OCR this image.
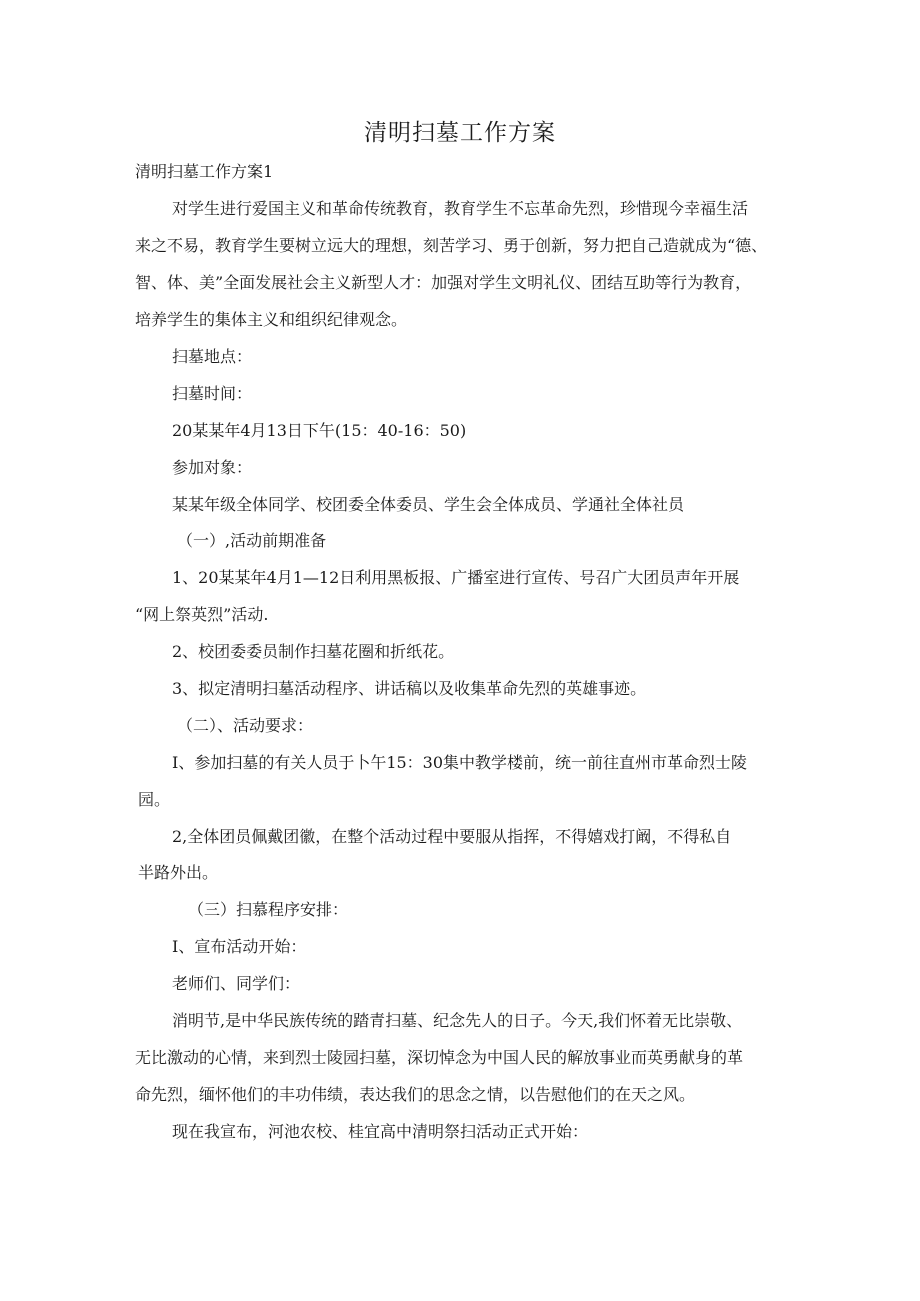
清明扫墓工作方案

清明扫墓工作方案1

对学生进行爱国主义和革命传统教育，教育学生不忘革命先烈，珍惜现今幸福生活

来之不易，教育学生要树立远大的理想，刻苦学习、勇于创新，努力把自己造就成为“德、

智、体、美”全面发展社会主义新型人才：加强对学生文明礼仪、团结互助等行为教育，

培养学生的集体主义和组织纪律观念。

扫墓地点：

扫墓时间：

20某某年4月13日下午(15：40-16：50)

参加对象：

某某年级全体同学、校团委全体委员、学生会全体成员、学通社全体社员

（一）,活动前期准备

1、20某某年4月1—12日利用黑板报、广播室进行宣传、号召广大团员声年开展

“网上祭英烈”活动.

2、校团委委员制作扫墓花圈和折纸花。

3、拟定清明扫墓活动程序、讲话稿以及收集革命先烈的英雄事迹。

（二）、活动要求：

I、参加扫墓的有关人员于卜午15：30集中教学楼前，统一前往直州市革命烈士陵

园。

2,全体团员佩戴团徽，在整个活动过程中要服从指挥，不得嬉戏打阚，不得私自

半路外出。

（三）扫慕程序安排：

I、宣布活动开始：

老师们、同学们：

消明节,是中华民族传统的踏青扫墓、纪念先人的日子。今天,我们怀着无比崇敬、

无比激动的心情，来到烈士陵园扫墓，深切悼念为中国人民的解放事业而英勇献身的革

命先烈，缅怀他们的丰功伟绩，表达我们的思念之情，以告慰他们的在天之风。

现在我宣布，河池农校、桂宜高中清明祭扫活动正式开始：
